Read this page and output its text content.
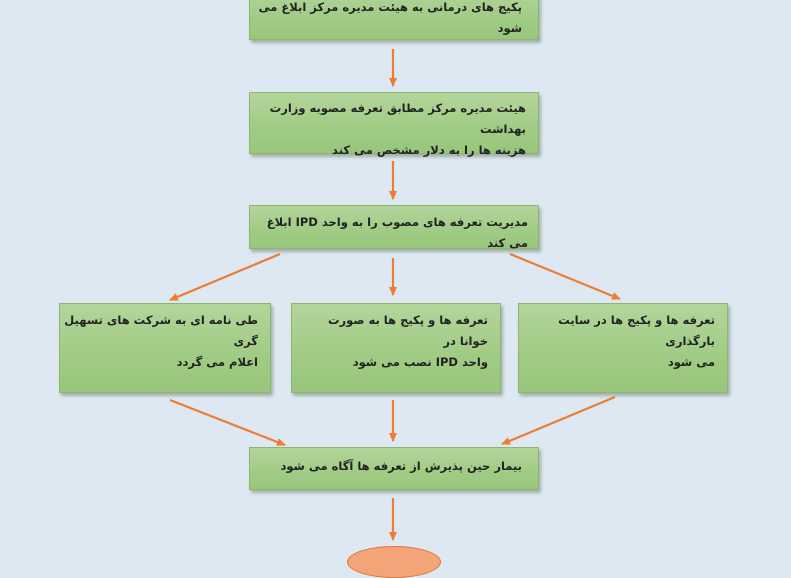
پکیج های درمانی به هیئت مدیره مرکز ابلاغ می شود
هیئت مدیره مرکز مطابق تعرفه مصوبه وزارت بهداشت
هزینه ها را به دلار مشخص می کند
مدیریت تعرفه های مصوب را به واحد IPD ابلاغ می کند
طی نامه ای به شرکت های تسهیل گری
اعلام می گردد
تعرفه ها و پکیج ها به صورت خوانا در
واحد IPD نصب می شود
تعرفه ها و پکیج ها در سایت بارگذاری
می شود
بیمار حین پذیرش از تعرفه ها آگاه می شود
